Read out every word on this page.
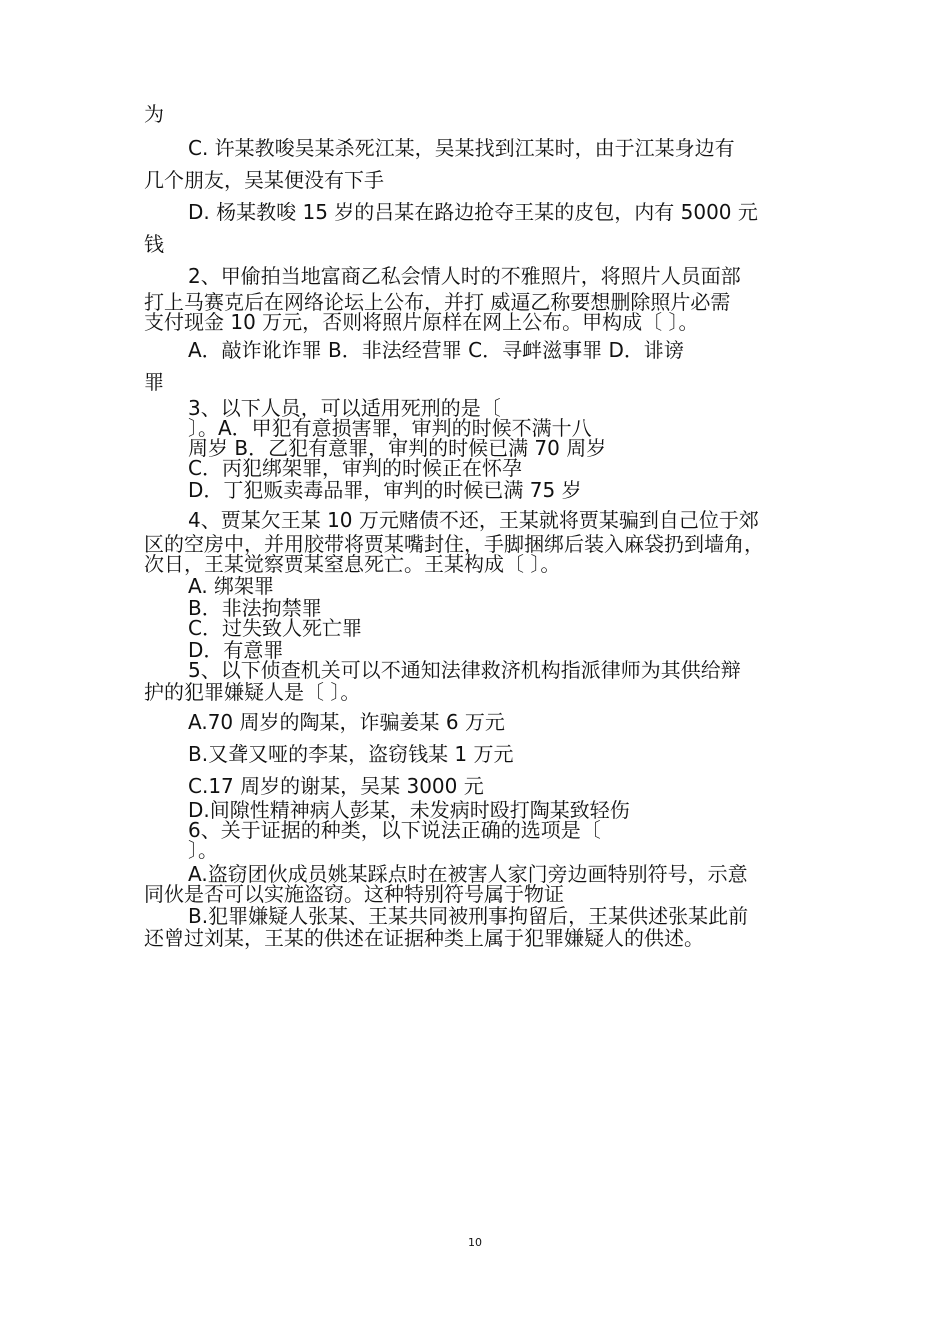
为
C. 许某教唆吴某杀死江某，吴某找到江某时，由于江某身边有
几个朋友，吴某便没有下手
D. 杨某教唆 15 岁的吕某在路边抢夺王某的皮包，内有 5000 元
钱
2、甲偷拍当地富商乙私会情人时的不雅照片，将照片人员面部
打上马赛克后在网络论坛上公布，并打 威逼乙称要想删除照片必需
支付现金 10 万元，否则将照片原样在网上公布。甲构成〔 〕。
A．敲诈讹诈罪 B．非法经营罪 C．寻衅滋事罪 D．诽谤
罪
3、以下人员，可以适用死刑的是〔
〕。A．甲犯有意损害罪，审判的时候不满十八
周岁 B．乙犯有意罪，审判的时候已满 70 周岁
C．丙犯绑架罪，审判的时候正在怀孕
D．丁犯贩卖毒品罪，审判的时候已满 75 岁
4、贾某欠王某 10 万元赌债不还，王某就将贾某骗到自己位于郊
区的空房中，并用胶带将贾某嘴封住，手脚捆绑后装入麻袋扔到墙角，
次日，王某觉察贾某窒息死亡。王某构成〔 〕。
A. 绑架罪
B．非法拘禁罪
C．过失致人死亡罪
D．有意罪
5、以下侦查机关可以不通知法律救济机构指派律师为其供给辩
护的犯罪嫌疑人是〔 〕。
A.70 周岁的陶某，诈骗姜某 6 万元
B.又聋又哑的李某，盗窃钱某 1 万元
C.17 周岁的谢某，吴某 3000 元
D.间隙性精神病人彭某，未发病时殴打陶某致轻伤
6、关于证据的种类，以下说法正确的选项是〔
〕。
A.盗窃团伙成员姚某踩点时在被害人家门旁边画特别符号，示意
同伙是否可以实施盗窃。这种特别符号属于物证
B.犯罪嫌疑人张某、王某共同被刑事拘留后，王某供述张某此前
还曾过刘某，王某的供述在证据种类上属于犯罪嫌疑人的供述。
10
